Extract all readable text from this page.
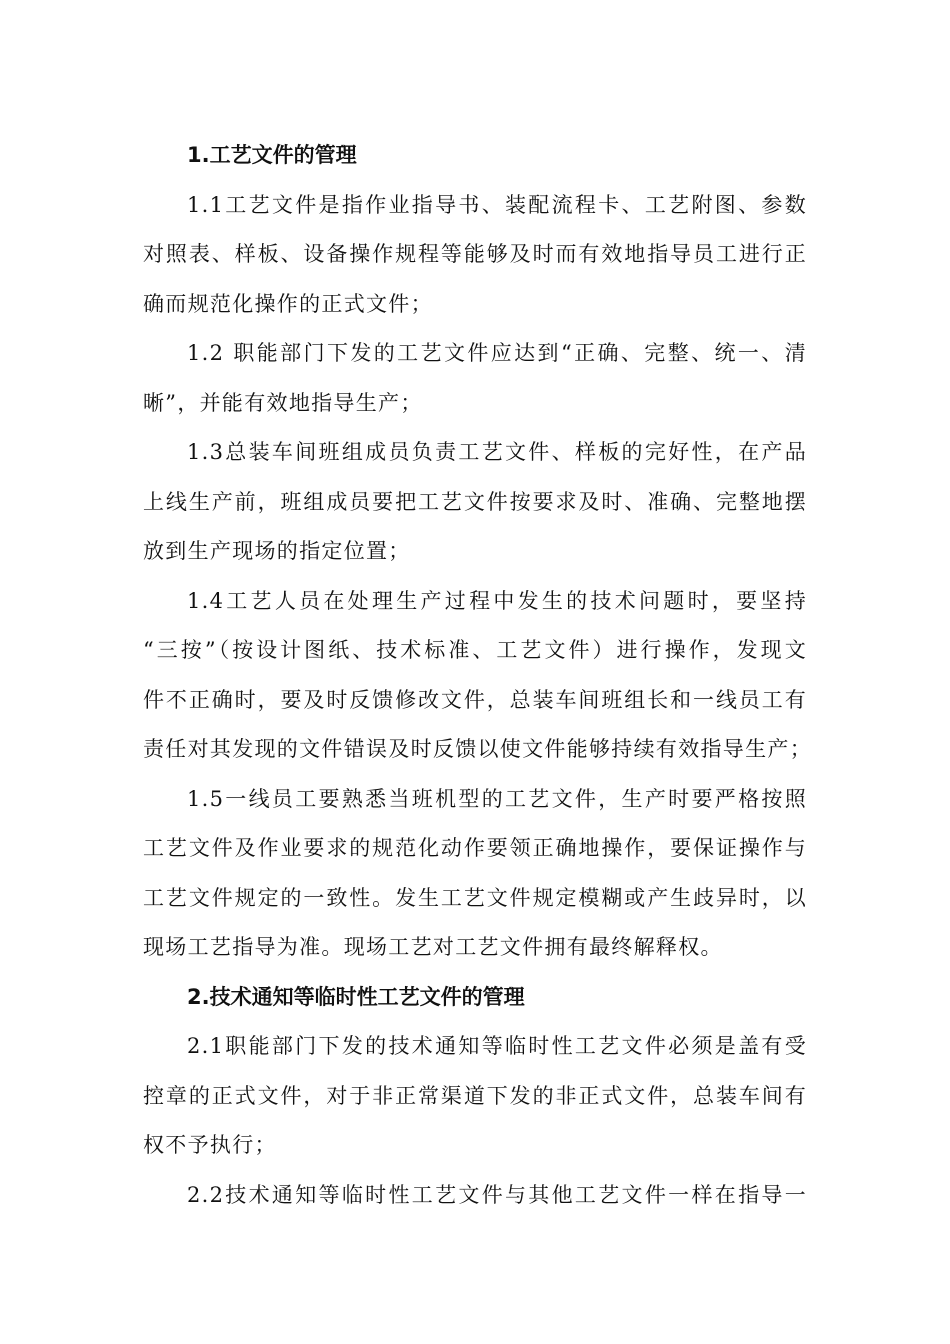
1.工艺文件的管理
1.1工艺文件是指作业指导书、装配流程卡、工艺附图、参数
对照表、样板、设备操作规程等能够及时而有效地指导员工进行正
确而规范化操作的正式文件；
1.2 职能部门下发的工艺文件应达到“正确、完整、统一、清
晰”，并能有效地指导生产；
1.3总装车间班组成员负责工艺文件、样板的完好性，在产品
上线生产前，班组成员要把工艺文件按要求及时、准确、完整地摆
放到生产现场的指定位置；
1.4工艺人员在处理生产过程中发生的技术问题时，要坚持
“三按”（按设计图纸、技术标准、工艺文件）进行操作，发现文
件不正确时，要及时反馈修改文件，总装车间班组长和一线员工有
责任对其发现的文件错误及时反馈以使文件能够持续有效指导生产；
1.5一线员工要熟悉当班机型的工艺文件，生产时要严格按照
工艺文件及作业要求的规范化动作要领正确地操作，要保证操作与
工艺文件规定的一致性。发生工艺文件规定模糊或产生歧异时，以
现场工艺指导为准。现场工艺对工艺文件拥有最终解释权。
2.技术通知等临时性工艺文件的管理
2.1职能部门下发的技术通知等临时性工艺文件必须是盖有受
控章的正式文件，对于非正常渠道下发的非正式文件，总装车间有
权不予执行；
2.2技术通知等临时性工艺文件与其他工艺文件一样在指导一
